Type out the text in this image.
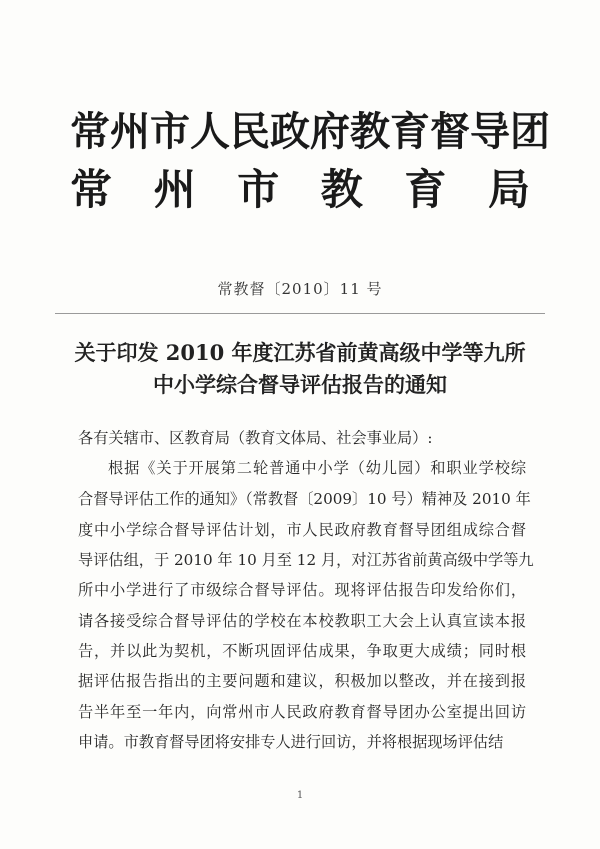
常州市人民政府教育督导团
常 州 市 教 育 局
常教督〔2010〕11 号
关于印发 2010 年度江苏省前黄高级中学等九所
中小学综合督导评估报告的通知
各有关辖市、区教育局（教育文体局、社会事业局）:
根据《关于开展第二轮普通中小学（幼儿园）和职业学校综
合督导评估工作的通知》（常教督〔2009〕10 号）精神及 2010 年
度中小学综合督导评估计划，市人民政府教育督导团组成综合督
导评估组，于 2010 年 10 月至 12 月，对江苏省前黄高级中学等九
所中小学进行了市级综合督导评估。现将评估报告印发给你们，
请各接受综合督导评估的学校在本校教职工大会上认真宣读本报
告，并以此为契机，不断巩固评估成果，争取更大成绩；同时根
据评估报告指出的主要问题和建议，积极加以整改，并在接到报
告半年至一年内，向常州市人民政府教育督导团办公室提出回访
申请。市教育督导团将安排专人进行回访，并将根据现场评估结
1
